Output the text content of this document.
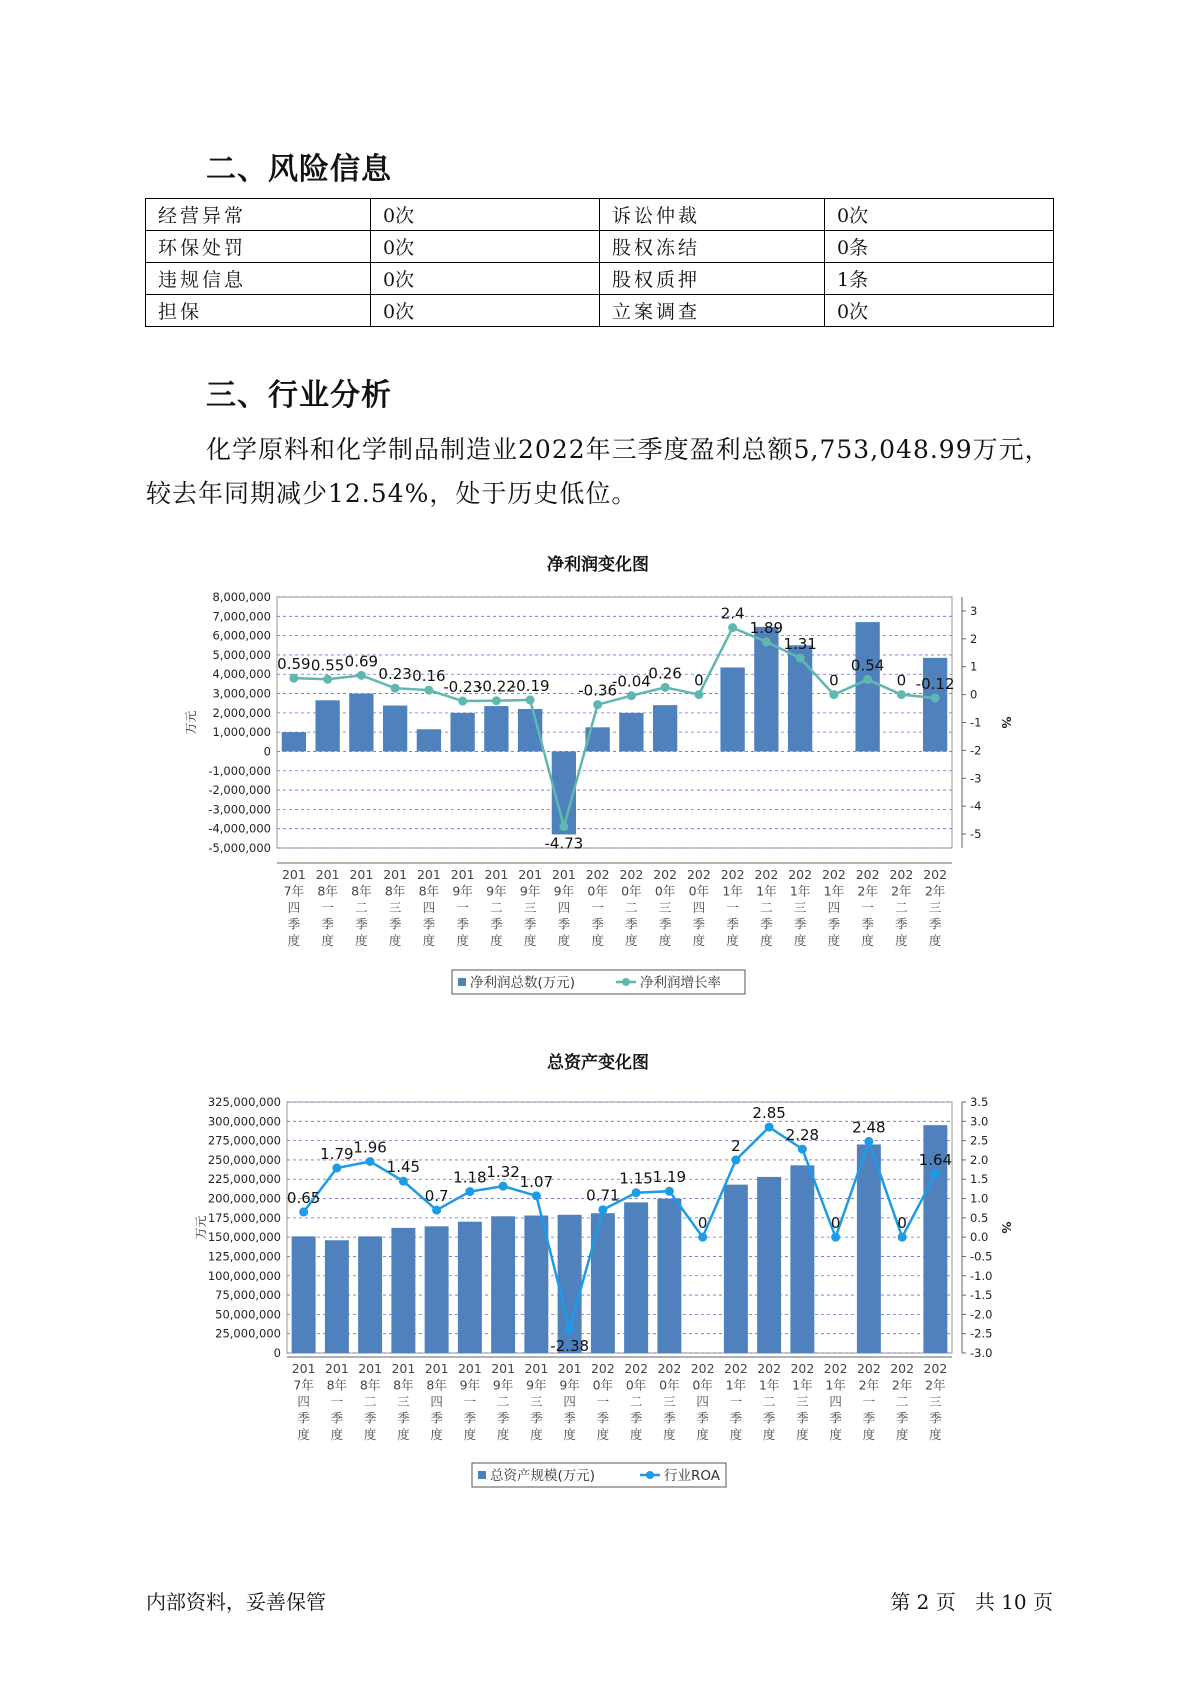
二、风险信息
经营异常	0次	诉讼仲裁	0次
环保处罚	0次	股权冻结	0条
违规信息	0次	股权质押	1条
担保	0次	立案调查	0次
三、行业分析
化学原料和化学制品制造业2022年三季度盈利总额5,753,048.99万元，较去年同期减少12.54%，处于历史低位。
净利润变化图
8,000,000
7,000,000
6,000,000
5,000,000
4,000,000
3,000,000
2,000,000
1,000,000
0
-1,000,000
-2,000,000
-3,000,000
-4,000,000
-5,000,000
3
2
1
0
-1
-2
-3
-4
-5
万元	%
201
7年
四
季
度
201
8年
一
季
度
201
8年
二
季
度
201
8年
三
季
度
201
8年
四
季
度
201
9年
一
季
度
201
9年
二
季
度
201
9年
三
季
度
201
9年
四
季
度
202
0年
一
季
度
202
0年
二
季
度
202
0年
三
季
度
202
0年
四
季
度
202
1年
一
季
度
202
1年
二
季
度
202
1年
三
季
度
202
1年
四
季
度
202
2年
一
季
度
202
2年
二
季
度
202
2年
三
季
度
0.59 0.55 0.69
0.23 0.16
-0.23
-0.22
-0.19
-4.73
-0.36
-0.04
0.26 0
2.4
1.89
1.31
0
0.54
0 -0.12
净利润总数(万元)	净利润增长率
总资产变化图
325,000,000
300,000,000
275,000,000
250,000,000
225,000,000
200,000,000
175,000,000
150,000,000
125,000,000
100,000,000
75,000,000
50,000,000
25,000,000
0
3.5
3.0
2.5
2.0
1.5
1.0
0.5
0.0
-0.5
-1.0
-1.5
-2.0
-2.5
-3.0
万元	%
201
7年
四
季
度
201
8年
一
季
度
201
8年
二
季
度
201
8年
三
季
度
201
8年
四
季
度
201
9年
一
季
度
201
9年
二
季
度
201
9年
三
季
度
201
9年
四
季
度
202
0年
一
季
度
202
0年
二
季
度
202
0年
三
季
度
202
0年
四
季
度
202
1年
一
季
度
202
1年
二
季
度
202
1年
三
季
度
202
1年
四
季
度
202
2年
一
季
度
202
2年
二
季
度
202
2年
三
季
度
0.65
1.79 1.96
1.45
0.7
1.18 1.32
1.07
-2.38
0.71
1.15 1.19
0
2
2.85
2.28
0
2.48
0
1.64
总资产规模(万元)	行业ROA
内部资料，妥善保管	第 2 页   共 10 页
